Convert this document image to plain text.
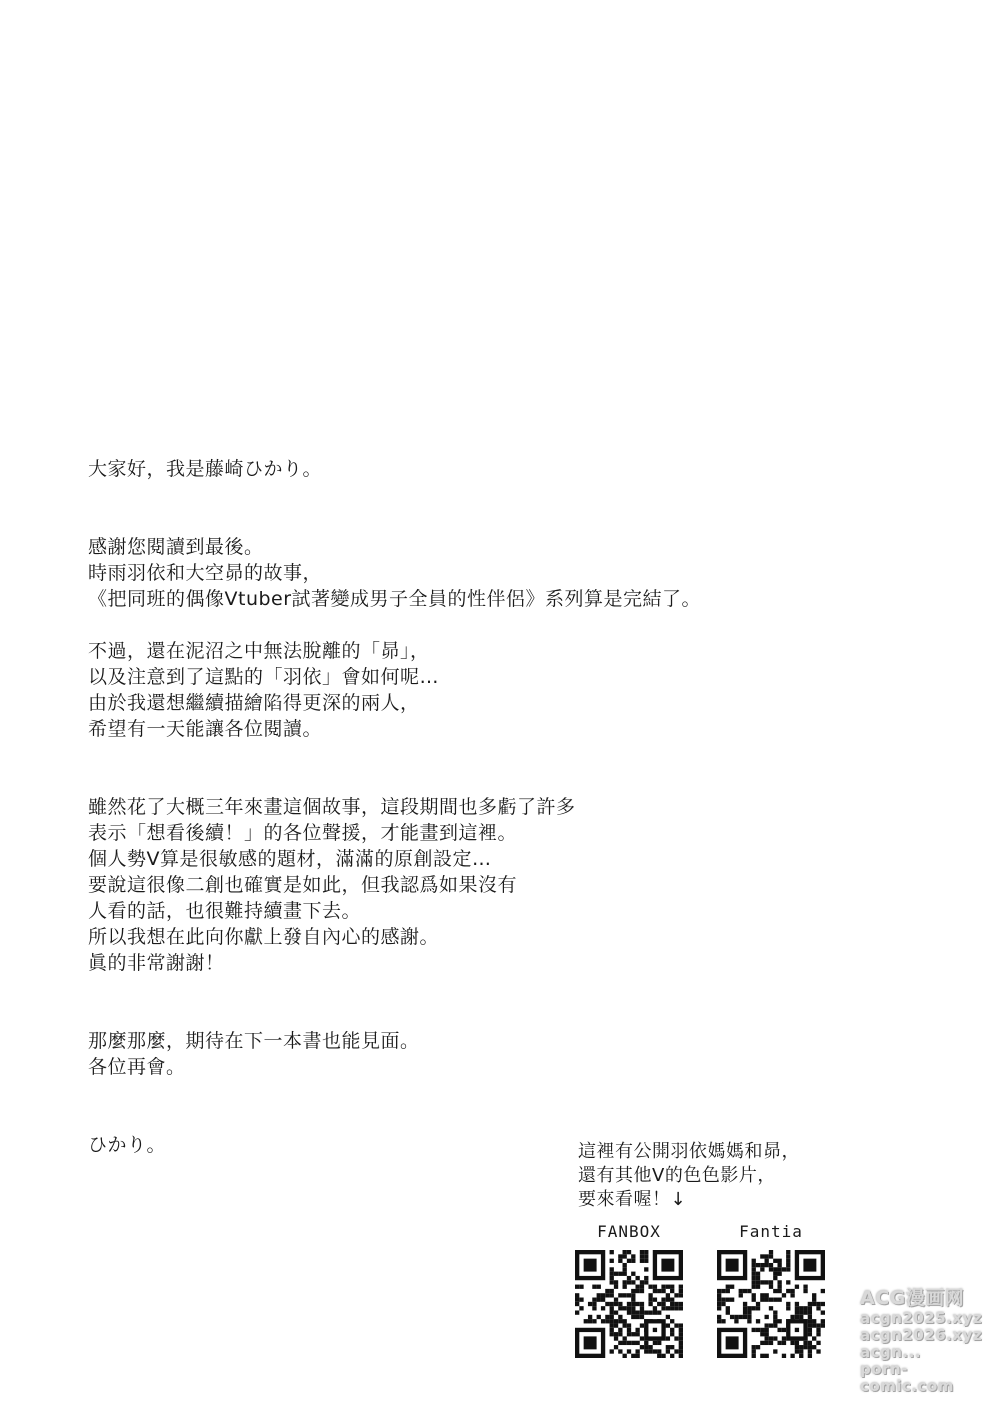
大家好，我是藤崎ひかり。

感謝您閱讀到最後。

時雨羽依和大空昴的故事，

《把同班的偶像Vtuber試著變成男子全員的性伴侶》系列算是完結了。

不過，還在泥沼之中無法脫離的「昴」，

以及注意到了這點的「羽依」會如何呢…

由於我還想繼續描繪陷得更深的兩人，

希望有一天能讓各位閱讀。

雖然花了大概三年來畫這個故事，這段期間也多虧了許多

表示「想看後續！」的各位聲援，才能畫到這裡。

個人勢V算是很敏感的題材，滿滿的原創設定…

要說這很像二創也確實是如此，但我認爲如果沒有

人看的話，也很難持續畫下去。

所以我想在此向你獻上發自內心的感謝。

眞的非常謝謝！

那麼那麼，期待在下一本書也能見面。

各位再會。

ひかり。	這裡有公開羽依媽媽和昴，

還有其他V的色色影片，

要來看喔！↓

FANBOX	Fantia
ACG漫画网
acgn2025.xyz
acgn2026.xyz
acgn...
porn-comic.com
